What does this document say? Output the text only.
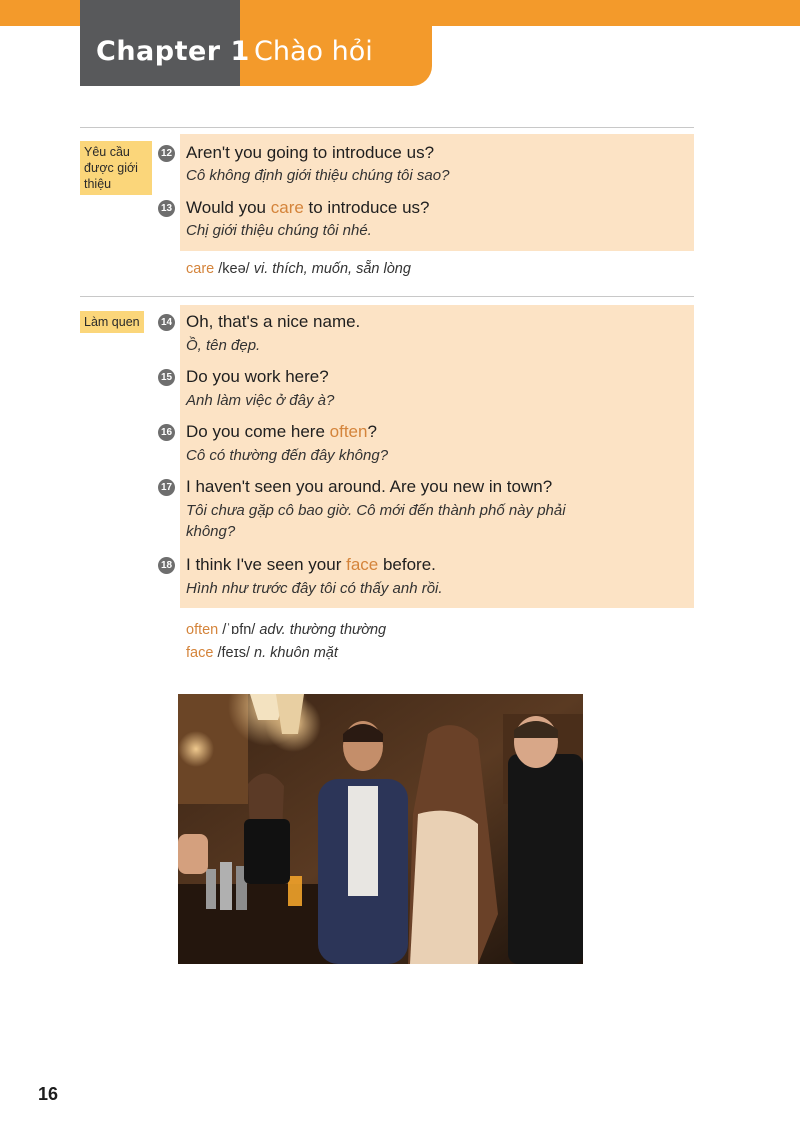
Chapter 1 Chào hỏi
Yêu cầu
được giới
thiệu
12 Aren't you going to introduce us?
Cô không định giới thiệu chúng tôi sao?
13 Would you care to introduce us?
Chị giới thiệu chúng tôi nhé.
care /keə/ vi. thích, muốn, sẵn lòng
Làm quen 14 Oh, that's a nice name.
Ồ, tên đẹp.
15 Do you work here?
Anh làm việc ở đây à?
16 Do you come here often?
Cô có thường đến đây không?
17 I haven't seen you around. Are you new in town?
Tôi chưa gặp cô bao giờ. Cô mới đến thành phố này phải
không?
18 I think I've seen your face before.
Hình như trước đây tôi có thấy anh rồi.
often /ˈɒfn/ adv. thường thường
face /feɪs/ n. khuôn mặt
16
